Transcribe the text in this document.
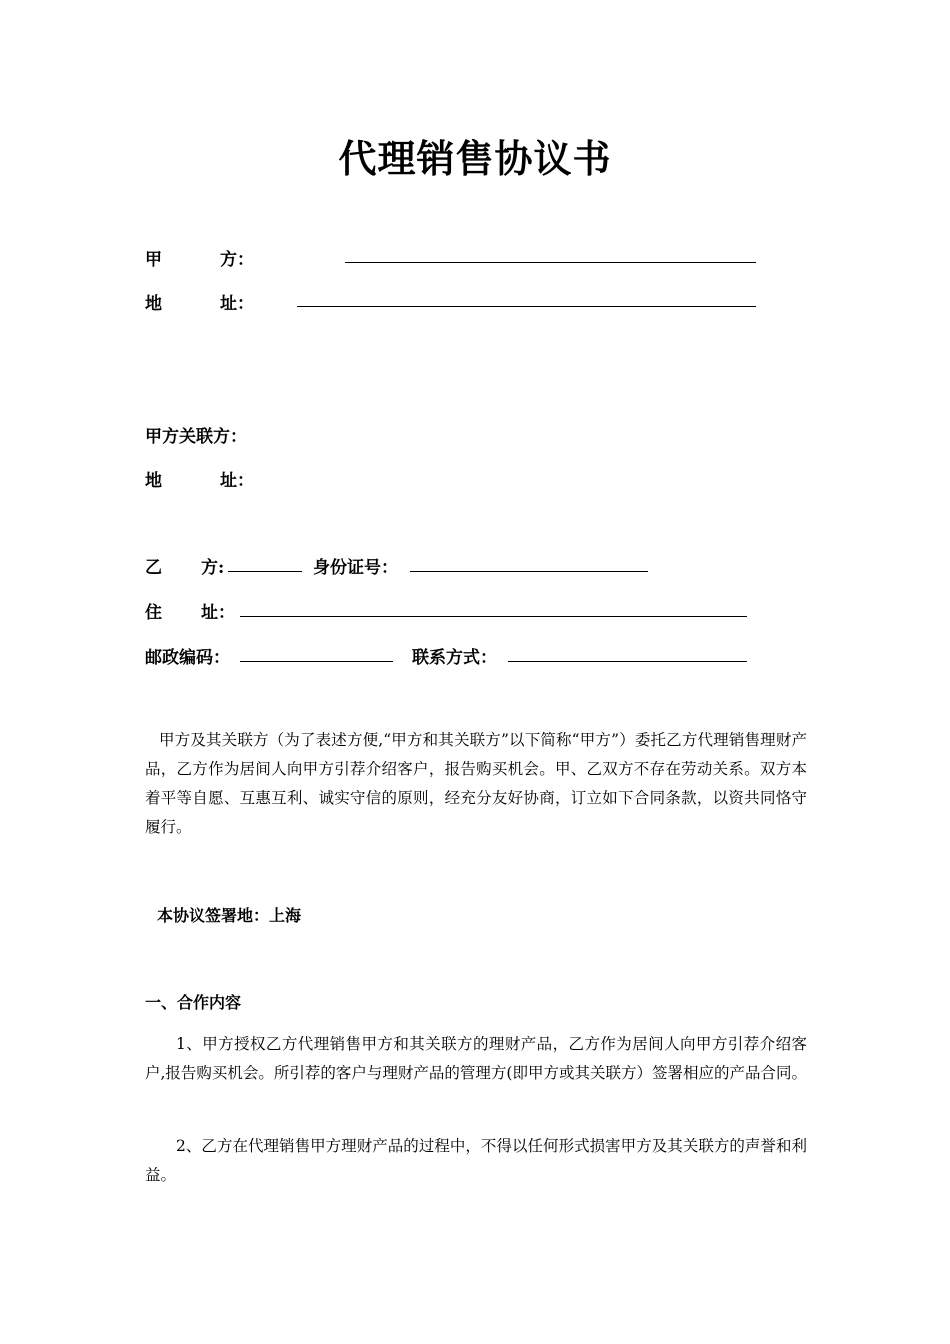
代理销售协议书
甲	方：
地	址：
甲方关联方：
地	址：
乙 方:	身份证号：
住 址：
邮政编码：	联系方式：
甲方及其关联方（为了表述方便,“甲方和其关联方”以下简称“甲方”）委托乙方代理销售理财产品，乙方作为居间人向甲方引荐介绍客户，报告购买机会。甲、乙双方不存在劳动关系。双方本着平等自愿、互惠互利、诚实守信的原则，经充分友好协商，订立如下合同条款，以资共同恪守履行。
本协议签署地：上海
一、合作内容
1、甲方授权乙方代理销售甲方和其关联方的理财产品，乙方作为居间人向甲方引荐介绍客户,报告购买机会。所引荐的客户与理财产品的管理方(即甲方或其关联方）签署相应的产品合同。
2、乙方在代理销售甲方理财产品的过程中，不得以任何形式损害甲方及其关联方的声誉和利益。
